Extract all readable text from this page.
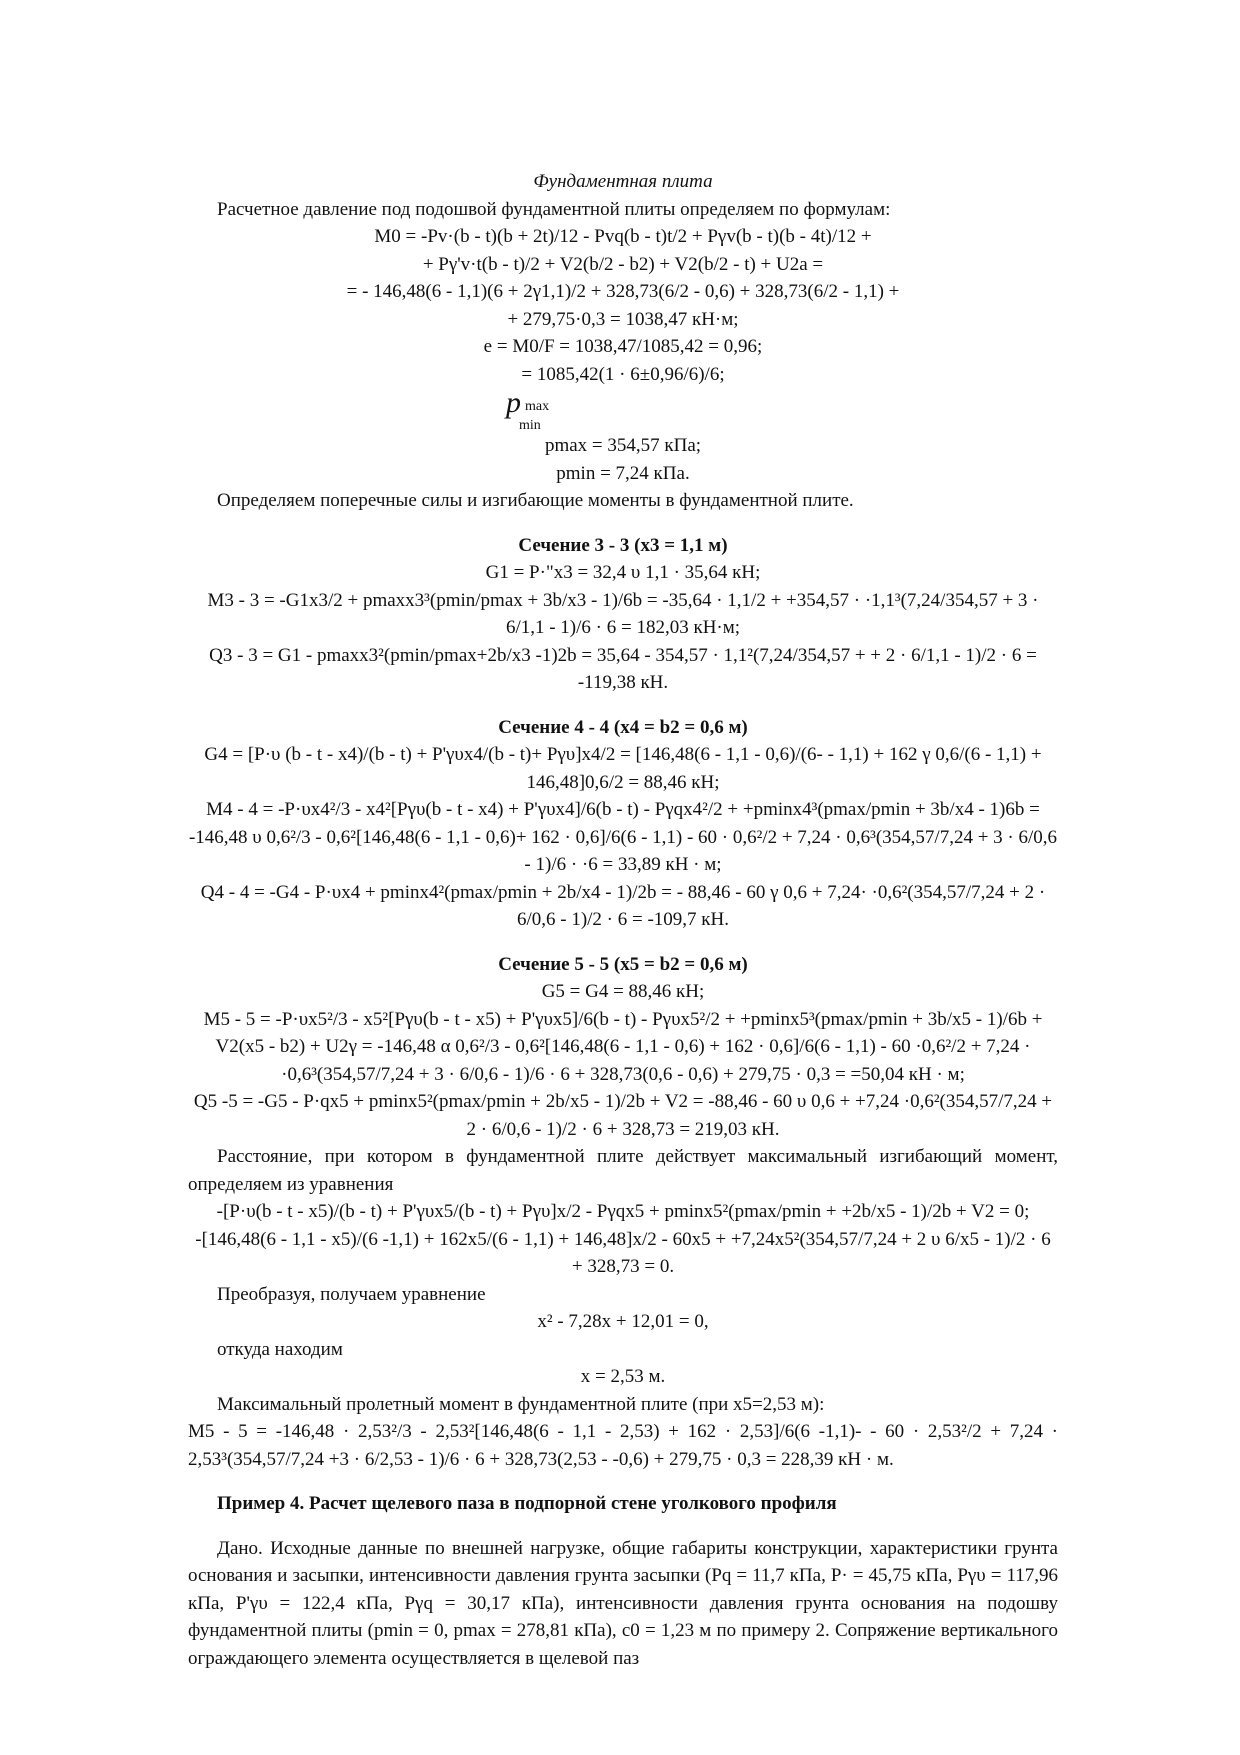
Фундаментная плита
Расчетное давление под подошвой фундаментной плиты определяем по формулам:
M0 = -Pv·(b - t)(b + 2t)/12 - Pvq(b - t)t/2 + Pγv(b - t)(b - 4t)/12 +
+ Pγ'v·t(b - t)/2 + V2(b/2 - b2) + V2(b/2 - t) + U2a =
= - 146,48(6 - 1,1)(6 + 2γ1,1)/2 + 328,73(6/2 - 0,6) + 328,73(6/2 - 1,1) +
+ 279,75·0,3 = 1038,47 кН·м;
e = M0/F = 1038,47/1085,42 = 0,96;
= 1085,42(1 · 6±0,96/6)/6;
p max
min
pmax = 354,57 кПа;
pmin = 7,24 кПа.
Определяем поперечные силы и изгибающие моменты в фундаментной плите.
Сечение 3 - 3 (x3 = 1,1 м)
G1 = P·"x3 = 32,4 υ 1,1 · 35,64 кН;
M3 - 3 = -G1x3/2 + pmaxx3³(pmin/pmax + 3b/x3 - 1)/6b = -35,64 · 1,1/2 + +354,57 · ·1,1³(7,24/354,57 + 3 · 6/1,1 - 1)/6 · 6 = 182,03 кН·м;
Q3 - 3 = G1 - pmaxx3²(pmin/pmax+2b/x3 -1)2b = 35,64 - 354,57 · 1,1²(7,24/354,57 + + 2 · 6/1,1 - 1)/2 · 6 = -119,38 кН.
Сечение 4 - 4 (x4 = b2 = 0,6 м)
G4 = [P·υ (b - t - x4)/(b - t) + P'γυx4/(b - t)+ Pγυ]x4/2 = [146,48(6 - 1,1 - 0,6)/(6- - 1,1) + 162 γ 0,6/(6 - 1,1) + 146,48]0,6/2 = 88,46 кН;
M4 - 4 = -P·υx4²/3 - x4²[Pγυ(b - t - x4) + P'γυx4]/6(b - t) - Pγqx4²/2 + +pminx4³(pmax/pmin + 3b/x4 - 1)6b = -146,48 υ 0,6²/3 - 0,6²[146,48(6 - 1,1 - 0,6)+ 162 · 0,6]/6(6 - 1,1) - 60 · 0,6²/2 + 7,24 · 0,6³(354,57/7,24 + 3 · 6/0,6 - 1)/6 · ·6 = 33,89 кН · м;
Q4 - 4 = -G4 - P·υx4 + pminx4²(pmax/pmin + 2b/x4 - 1)/2b = - 88,46 - 60 γ 0,6 + 7,24· ·0,6²(354,57/7,24 + 2 · 6/0,6 - 1)/2 · 6 = -109,7 кН.
Сечение 5 - 5 (x5 = b2 = 0,6 м)
G5 = G4 = 88,46 кН;
M5 - 5 = -P·υx5²/3 - x5²[Pγυ(b - t - x5) + P'γυx5]/6(b - t) - Pγυx5²/2 + +pminx5³(pmax/pmin + 3b/x5 - 1)/6b + V2(x5 - b2) + U2γ = -146,48 α 0,6²/3 - 0,6²[146,48(6 - 1,1 - 0,6) + 162 · 0,6]/6(6 - 1,1) - 60 ·0,6²/2 + 7,24 · ·0,6³(354,57/7,24 + 3 · 6/0,6 - 1)/6 · 6 + 328,73(0,6 - 0,6) + 279,75 · 0,3 = =50,04 кН · м;
Q5 -5 = -G5 - P·qx5 + pminx5²(pmax/pmin + 2b/x5 - 1)/2b + V2 = -88,46 - 60 υ 0,6 + +7,24 ·0,6²(354,57/7,24 + 2 · 6/0,6 - 1)/2 · 6 + 328,73 = 219,03 кН.
Расстояние, при котором в фундаментной плите действует максимальный изгибающий момент, определяем из уравнения
-[P·υ(b - t - x5)/(b - t) + P'γυx5/(b - t) + Pγυ]x/2 - Pγqx5 + pminx5²(pmax/pmin + +2b/x5 - 1)/2b + V2 = 0;
-[146,48(6 - 1,1 - x5)/(6 -1,1) + 162x5/(6 - 1,1) + 146,48]x/2 - 60x5 + +7,24x5²(354,57/7,24 + 2 υ 6/x5 - 1)/2 · 6 + 328,73 = 0.
Преобразуя, получаем уравнение
x² - 7,28x + 12,01 = 0,
откуда находим
x = 2,53 м.
Максимальный пролетный момент в фундаментной плите (при x5=2,53 м):
M5 - 5 = -146,48 · 2,53²/3 - 2,53²[146,48(6 - 1,1 - 2,53) + 162 · 2,53]/6(6 -1,1)- - 60 · 2,53²/2 + 7,24 · 2,53³(354,57/7,24 +3 · 6/2,53 - 1)/6 · 6 + 328,73(2,53 - -0,6) + 279,75 · 0,3 = 228,39 кН · м.
Пример 4. Расчет щелевого паза в подпорной стене уголкового профиля
Дано. Исходные данные по внешней нагрузке, общие габариты конструкции, характеристики грунта основания и засыпки, интенсивности давления грунта засыпки (Pq = 11,7 кПа, P· = 45,75 кПа, Pγυ = 117,96 кПа, P'γυ = 122,4 кПа, Pγq = 30,17 кПа), интенсивности давления грунта основания на подошву фундаментной плиты (pmin = 0, pmax = 278,81 кПа), c0 = 1,23 м по примеру 2. Сопряжение вертикального ограждающего элемента осуществляется в щелевой паз
